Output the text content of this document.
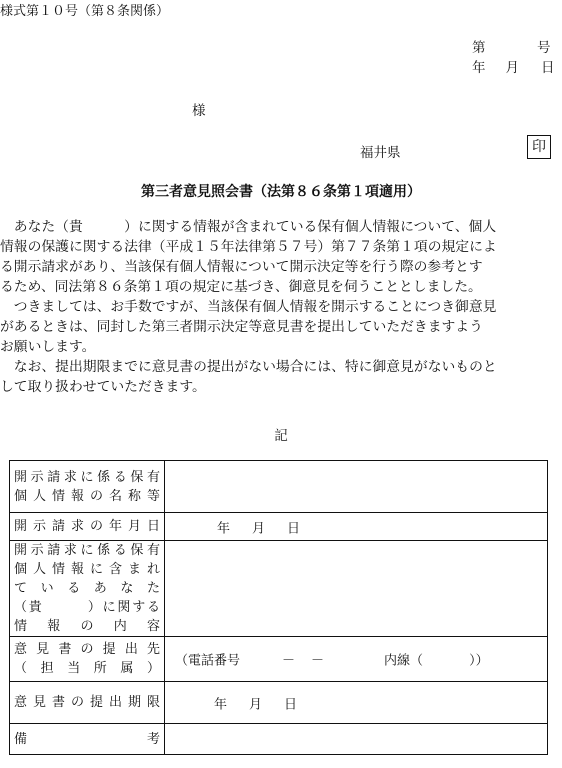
様式第１０号（第８条関係）
第	号
年 月 日
様
福井県	印
第三者意見照会書（法第８６条第１項適用）
　あなた（貴　　　）に関する情報が含まれている保有個人情報について、個人
情報の保護に関する法律（平成１５年法律第５７号）第７７条第１項の規定によ
る開示請求があり、当該保有個人情報について開示決定等を行う際の参考とす
るため、同法第８６条第１項の規定に基づき、御意見を伺うこととしました。
　つきましては、お手数ですが、当該保有個人情報を開示することにつき御意見
があるときは、同封した第三者開示決定等意見書を提出していただきますよう
お願いします。
　なお、提出期限までに意見書の提出がない場合には、特に御意見がないものと
して取り扱わせていただきます。
記
開示請求に係る保有
個人情報の名称等	

開示請求の年月日	年 月 日

開示請求に係る保有
個人情報に含まれ
ているあなた
（貴　　　）に関する
情報の内容	

意見書の提出先
（担当所属）	（電話番号 － － 内線（ ））

意見書の提出期限	年 月 日

備 考	
